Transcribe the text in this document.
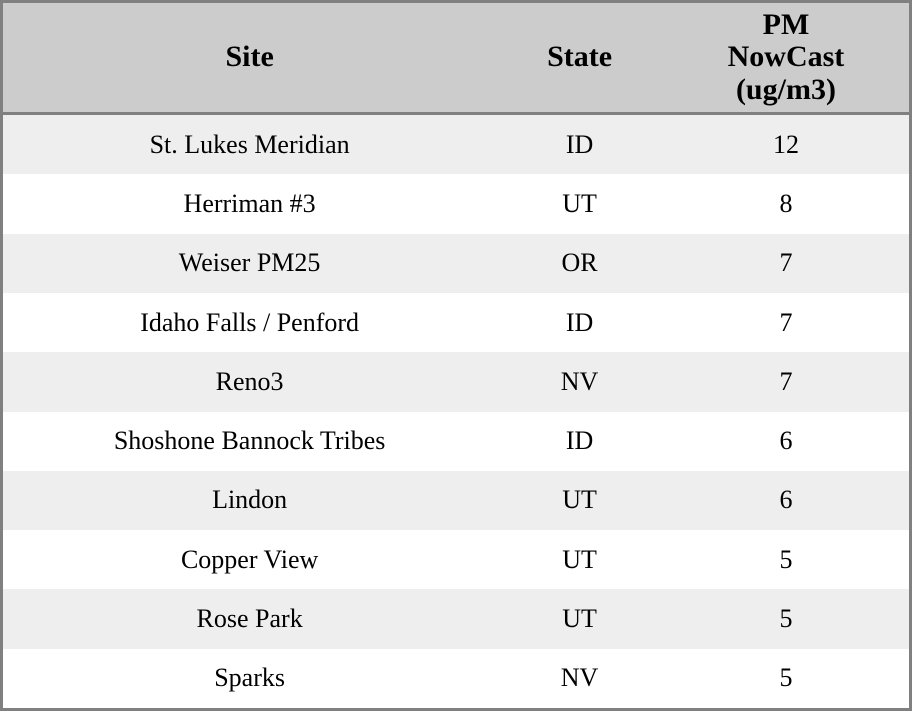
Site	State	PM
NowCast
(ug/m3)

St. Lukes Meridian	ID	12
Herriman #3	UT	8
Weiser PM25	OR	7
Idaho Falls / Penford	ID	7
Reno3	NV	7
Shoshone Bannock Tribes	ID	6
Lindon	UT	6
Copper View	UT	5
Rose Park	UT	5
Sparks	NV	5
